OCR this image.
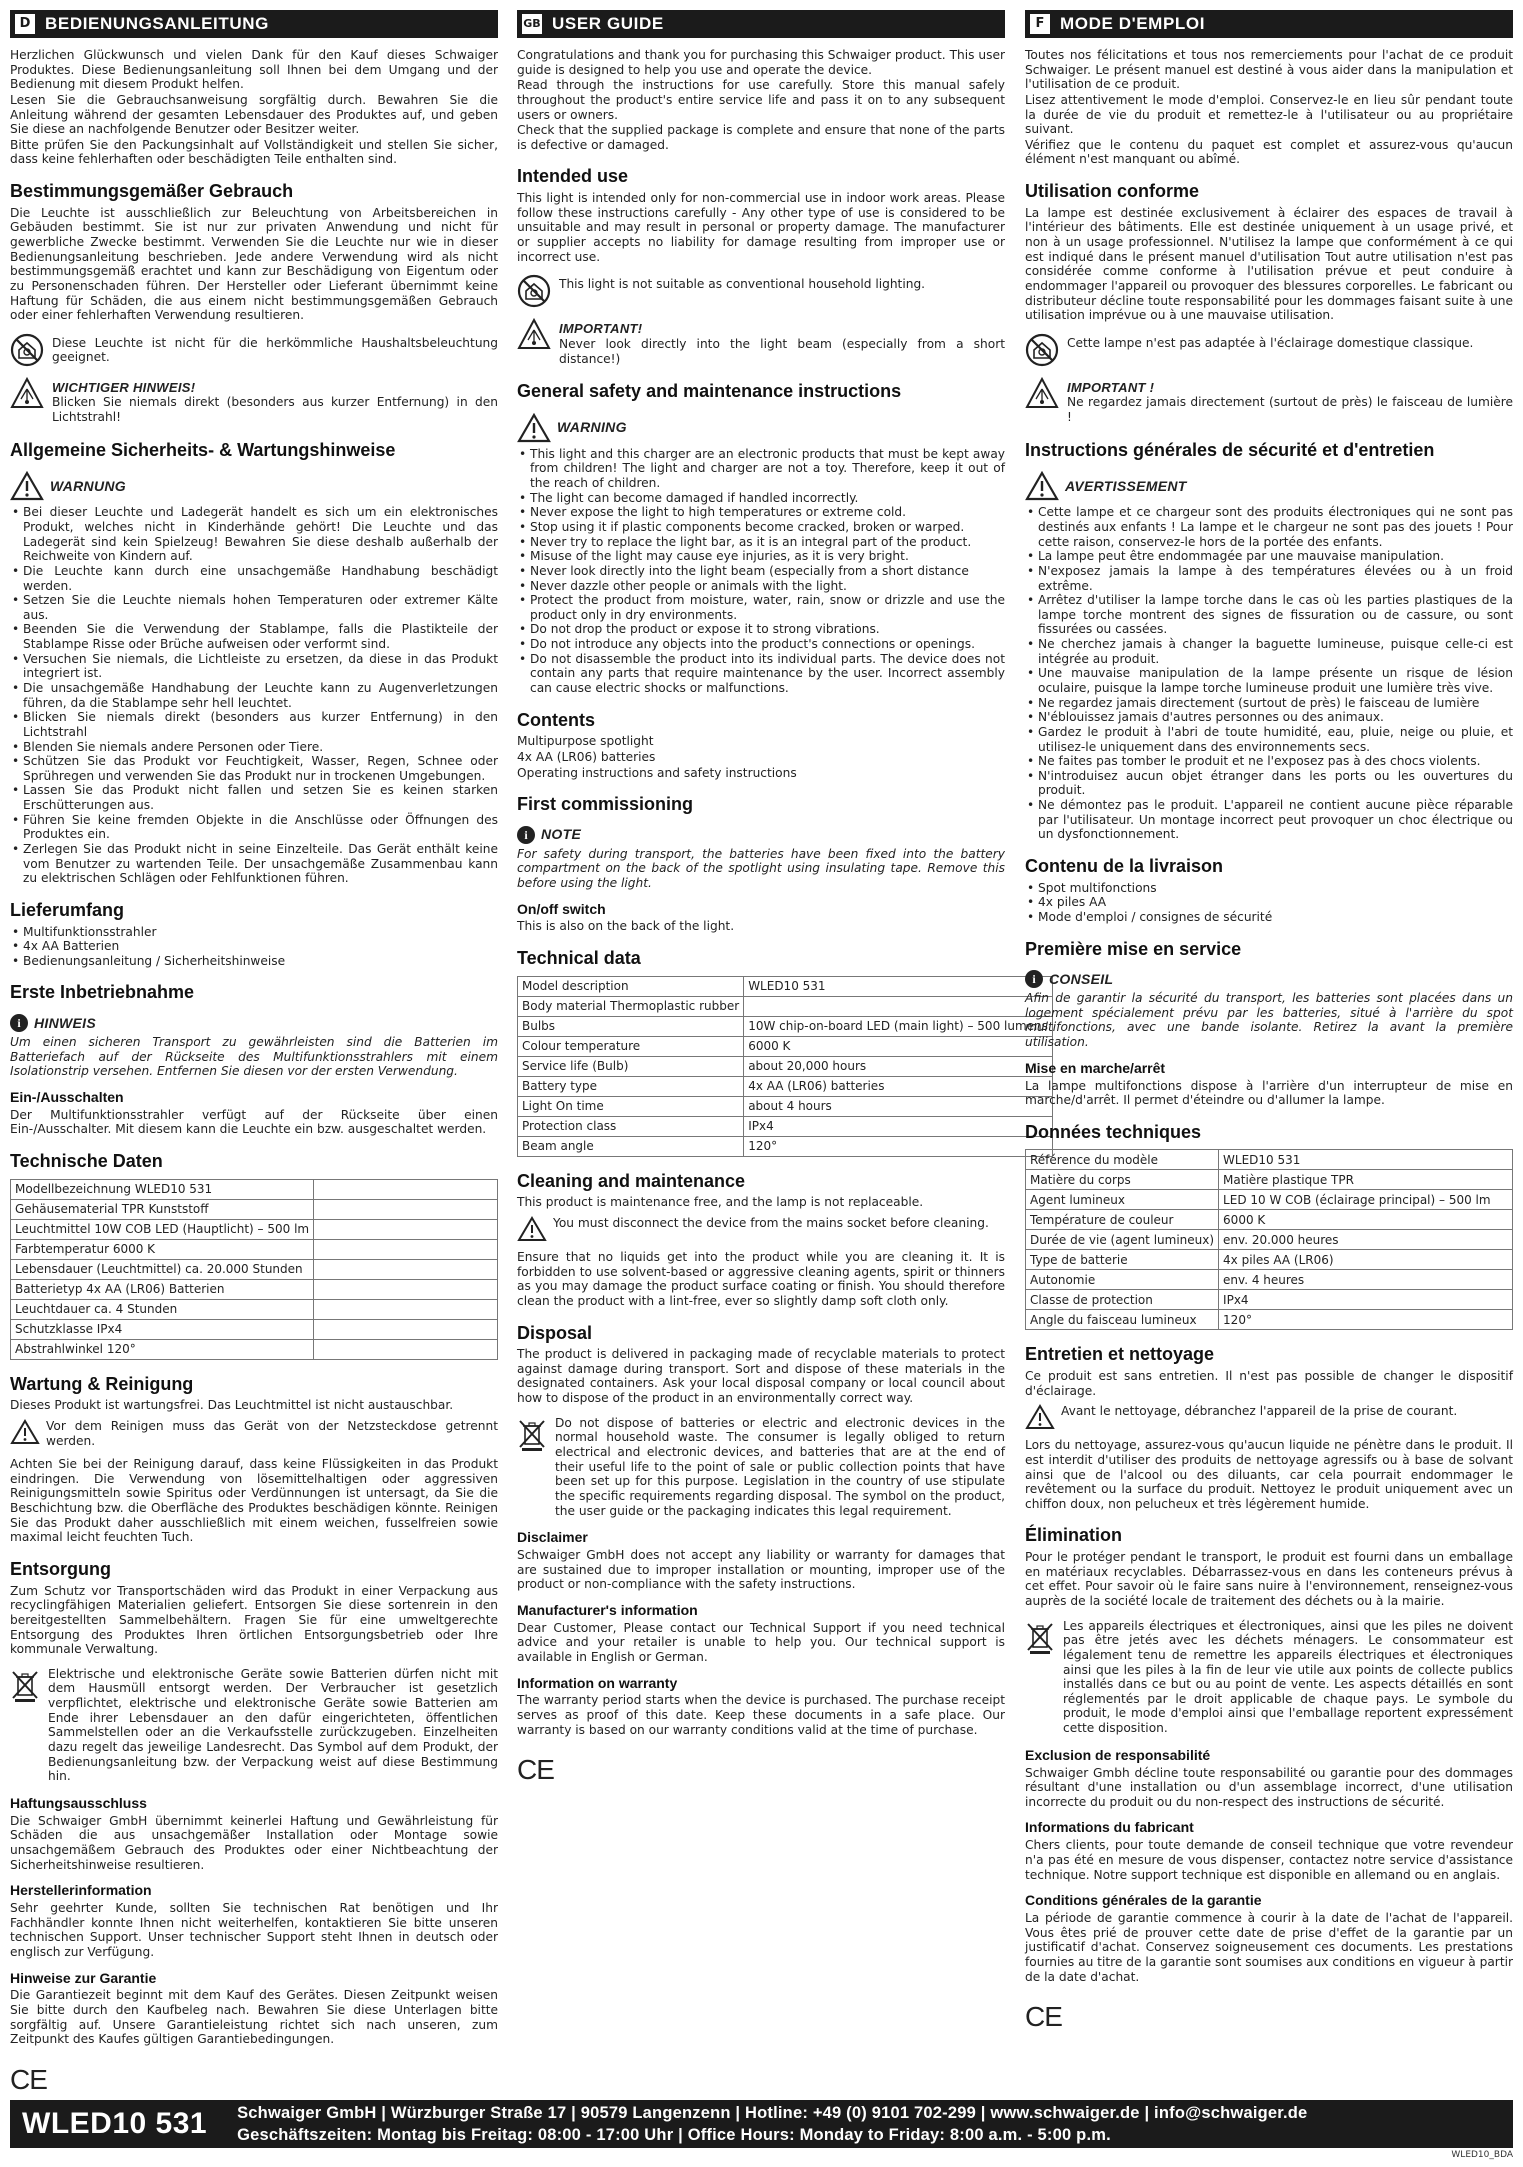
D BEDIENUNGSANLEITUNG

Herzlichen Glückwunsch und vielen Dank für den Kauf dieses Schwaiger Produktes. Diese Bedienungsanleitung soll Ihnen bei dem Umgang und der Bedienung mit diesem Produkt helfen.

Lesen Sie die Gebrauchsanweisung sorgfältig durch. Bewahren Sie die Anleitung während der gesamten Lebensdauer des Produktes auf, und geben Sie diese an nachfolgende Benutzer oder Besitzer weiter.

Bitte prüfen Sie den Packungsinhalt auf Vollständigkeit und stellen Sie sicher, dass keine fehlerhaften oder beschädigten Teile enthalten sind.

Bestimmungsgemäßer Gebrauch

Die Leuchte ist ausschließlich zur Beleuchtung von Arbeitsbereichen in Gebäuden bestimmt. Sie ist nur zur privaten Anwendung und nicht für gewerbliche Zwecke bestimmt. Verwenden Sie die Leuchte nur wie in dieser Bedienungsanleitung beschrieben. Jede andere Verwendung wird als nicht bestimmungsgemäß erachtet und kann zur Beschädigung von Eigentum oder zu Personenschaden führen. Der Hersteller oder Lieferant übernimmt keine Haftung für Schäden, die aus einem nicht bestimmungsgemäßen Gebrauch oder einer fehlerhaften Verwendung resultieren.

Diese Leuchte ist nicht für die herkömmliche Haushaltsbeleuchtung geeignet.

WICHTIGER HINWEIS!

Blicken Sie niemals direkt (besonders aus kurzer Entfernung) in den Lichtstrahl!

Allgemeine Sicherheits- & Wartungshinweise
WARNUNG
• Bei dieser Leuchte und Ladegerät handelt es sich um ein elektronisches Produkt, welches nicht in Kinderhände gehört! Die Leuchte und das Ladegerät sind kein Spielzeug! Bewahren Sie diese deshalb außerhalb der Reichweite von Kindern auf.
• Die Leuchte kann durch eine unsachgemäße Handhabung beschädigt werden.
• Setzen Sie die Leuchte niemals hohen Temperaturen oder extremer Kälte aus.
• Beenden Sie die Verwendung der Stablampe, falls die Plastikteile der Stablampe Risse oder Brüche aufweisen oder verformt sind.
• Versuchen Sie niemals, die Lichtleiste zu ersetzen, da diese in das Produkt integriert ist.
• Die unsachgemäße Handhabung der Leuchte kann zu Augenverletzungen führen, da die Stablampe sehr hell leuchtet.
• Blicken Sie niemals direkt (besonders aus kurzer Entfernung) in den Lichtstrahl
• Blenden Sie niemals andere Personen oder Tiere.
• Schützen Sie das Produkt vor Feuchtigkeit, Wasser, Regen, Schnee oder Sprühregen und verwenden Sie das Produkt nur in trockenen Umgebungen.
• Lassen Sie das Produkt nicht fallen und setzen Sie es keinen starken Erschütterungen aus.
• Führen Sie keine fremden Objekte in die Anschlüsse oder Öffnungen des Produktes ein.
• Zerlegen Sie das Produkt nicht in seine Einzelteile. Das Gerät enthält keine vom Benutzer zu wartenden Teile. Der unsachgemäße Zusammenbau kann zu elektrischen Schlägen oder Fehlfunktionen führen.
Lieferumfang
• Multifunktionsstrahler
• 4x AA Batterien
• Bedienungsanleitung / Sicherheitshinweise
Erste Inbetriebnahme
i HINWEIS

Um einen sicheren Transport zu gewährleisten sind die Batterien im Batteriefach auf der Rückseite des Multifunktionsstrahlers mit einem Isolationstrip versehen. Entfernen Sie diesen vor der ersten Verwendung.

Ein-/Ausschalten

Der Multifunktionsstrahler verfügt auf der Rückseite über einen Ein-/Ausschalter. Mit diesem kann die Leuchte ein bzw. ausgeschaltet werden.

Technische Daten
Modellbezeichnung WLED10 531	
Gehäusematerial TPR Kunststoff	
Leuchtmittel 10W COB LED (Hauptlicht) – 500 lm	
Farbtemperatur 6000 K	
Lebensdauer (Leuchtmittel) ca. 20.000 Stunden	
Batterietyp 4x AA (LR06) Batterien	
Leuchtdauer ca. 4 Stunden	
Schutzklasse IPx4	
Abstrahlwinkel 120°	
Wartung & Reinigung

Dieses Produkt ist wartungsfrei. Das Leuchtmittel ist nicht austauschbar.

Vor dem Reinigen muss das Gerät von der Netzsteckdose getrennt werden.

Achten Sie bei der Reinigung darauf, dass keine Flüssigkeiten in das Produkt eindringen. Die Verwendung von lösemittelhaltigen oder aggressiven Reinigungsmitteln sowie Spiritus oder Verdünnungen ist untersagt, da Sie die Beschichtung bzw. die Oberfläche des Produktes beschädigen könnte. Reinigen Sie das Produkt daher ausschließlich mit einem weichen, fusselfreien sowie maximal leicht feuchten Tuch.

Entsorgung

Zum Schutz vor Transportschäden wird das Produkt in einer Verpackung aus recyclingfähigen Materialien geliefert. Entsorgen Sie diese sortenrein in den bereitgestellten Sammelbehältern. Fragen Sie für eine umweltgerechte Entsorgung des Produktes Ihren örtlichen Entsorgungsbetrieb oder Ihre kommunale Verwaltung.

Elektrische und elektronische Geräte sowie Batterien dürfen nicht mit dem Hausmüll entsorgt werden. Der Verbraucher ist gesetzlich verpflichtet, elektrische und elektronische Geräte sowie Batterien am Ende ihrer Lebensdauer an den dafür eingerichteten, öffentlichen Sammelstellen oder an die Verkaufsstelle zurückzugeben. Einzelheiten dazu regelt das jeweilige Landesrecht. Das Symbol auf dem Produkt, der Bedienungsanleitung bzw. der Verpackung weist auf diese Bestimmung hin.

Haftungsausschluss

Die Schwaiger GmbH übernimmt keinerlei Haftung und Gewährleistung für Schäden die aus unsachgemäßer Installation oder Montage sowie unsachgemäßem Gebrauch des Produktes oder einer Nichtbeachtung der Sicherheitshinweise resultieren.

Herstellerinformation

Sehr geehrter Kunde, sollten Sie technischen Rat benötigen und Ihr Fachhändler konnte Ihnen nicht weiterhelfen, kontaktieren Sie bitte unseren technischen Support. Unser technischer Support steht Ihnen in deutsch oder englisch zur Verfügung.

Hinweise zur Garantie

Die Garantiezeit beginnt mit dem Kauf des Gerätes. Diesen Zeitpunkt weisen Sie bitte durch den Kaufbeleg nach. Bewahren Sie diese Unterlagen bitte sorgfältig auf. Unsere Garantieleistung richtet sich nach unseren, zum Zeitpunkt des Kaufes gültigen Garantiebedingungen.

CE
GB USER GUIDE

Congratulations and thank you for purchasing this Schwaiger product. This user guide is designed to help you use and operate the device.

Read through the instructions for use carefully. Store this manual safely throughout the product's entire service life and pass it on to any subsequent users or owners.

Check that the supplied package is complete and ensure that none of the parts is defective or damaged.

Intended use

This light is intended only for non-commercial use in indoor work areas. Please follow these instructions carefully - Any other type of use is considered to be unsuitable and may result in personal or property damage. The manufacturer or supplier accepts no liability for damage resulting from improper use or incorrect use.

This light is not suitable as conventional household lighting.

IMPORTANT!

Never look directly into the light beam (especially from a short distance!)

General safety and maintenance instructions
WARNING
• This light and this charger are an electronic products that must be kept away from children! The light and charger are not a toy. Therefore, keep it out of the reach of children.
• The light can become damaged if handled incorrectly.
• Never expose the light to high temperatures or extreme cold.
• Stop using it if plastic components become cracked, broken or warped.
• Never try to replace the light bar, as it is an integral part of the product.
• Misuse of the light may cause eye injuries, as it is very bright.
• Never look directly into the light beam (especially from a short distance
• Never dazzle other people or animals with the light.
• Protect the product from moisture, water, rain, snow or drizzle and use the product only in dry environments.
• Do not drop the product or expose it to strong vibrations.
• Do not introduce any objects into the product's connections or openings.
• Do not disassemble the product into its individual parts. The device does not contain any parts that require maintenance by the user. Incorrect assembly can cause electric shocks or malfunctions.
Contents

Multipurpose spotlight

4x AA (LR06) batteries

Operating instructions and safety instructions

First commissioning
i NOTE

For safety during transport, the batteries have been fixed into the battery compartment on the back of the spotlight using insulating tape. Remove this before using the light.

On/off switch

This is also on the back of the light.

Technical data
Model description	WLED10 531
Body material Thermoplastic rubber	
Bulbs	10W chip-on-board LED (main light) – 500 lumens
Colour temperature	6000 K
Service life (Bulb)	about 20,000 hours
Battery type	4x AA (LR06) batteries
Light On time	about 4 hours
Protection class	IPx4
Beam angle	120°
Cleaning and maintenance

This product is maintenance free, and the lamp is not replaceable.

You must disconnect the device from the mains socket before cleaning.

Ensure that no liquids get into the product while you are cleaning it. It is forbidden to use solvent-based or aggressive cleaning agents, spirit or thinners as you may damage the product surface coating or finish. You should therefore clean the product with a lint-free, ever so slightly damp soft cloth only.

Disposal

The product is delivered in packaging made of recyclable materials to protect against damage during transport. Sort and dispose of these materials in the designated containers. Ask your local disposal company or local council about how to dispose of the product in an environmentally correct way.

Do not dispose of batteries or electric and electronic devices in the normal household waste. The consumer is legally obliged to return electrical and electronic devices, and batteries that are at the end of their useful life to the point of sale or public collection points that have been set up for this purpose. Legislation in the country of use stipulate the specific requirements regarding disposal. The symbol on the product, the user guide or the packaging indicates this legal requirement.

Disclaimer

Schwaiger GmbH does not accept any liability or warranty for damages that are sustained due to improper installation or mounting, improper use of the product or non-compliance with the safety instructions.

Manufacturer's information

Dear Customer, Please contact our Technical Support if you need technical advice and your retailer is unable to help you. Our technical support is available in English or German.

Information on warranty

The warranty period starts when the device is purchased. The purchase receipt serves as proof of this date. Keep these documents in a safe place. Our warranty is based on our warranty conditions valid at the time of purchase.

CE
F MODE D'EMPLOI

Toutes nos félicitations et tous nos remerciements pour l'achat de ce produit Schwaiger. Le présent manuel est destiné à vous aider dans la manipulation et l'utilisation de ce produit.

Lisez attentivement le mode d'emploi. Conservez-le en lieu sûr pendant toute la durée de vie du produit et remettez-le à l'utilisateur ou au propriétaire suivant.

Vérifiez que le contenu du paquet est complet et assurez-vous qu'aucun élément n'est manquant ou abîmé.

Utilisation conforme

La lampe est destinée exclusivement à éclairer des espaces de travail à l'intérieur des bâtiments. Elle est destinée uniquement à un usage privé, et non à un usage professionnel. N'utilisez la lampe que conformément à ce qui est indiqué dans le présent manuel d'utilisation Tout autre utilisation n'est pas considérée comme conforme à l'utilisation prévue et peut conduire à endommager l'appareil ou provoquer des blessures corporelles. Le fabricant ou distributeur décline toute responsabilité pour les dommages faisant suite à une utilisation imprévue ou à une mauvaise utilisation.

Cette lampe n'est pas adaptée à l'éclairage domestique classique.

IMPORTANT !

Ne regardez jamais directement (surtout de près) le faisceau de lumière !

Instructions générales de sécurité et d'entretien
AVERTISSEMENT
• Cette lampe et ce chargeur sont des produits électroniques qui ne sont pas destinés aux enfants ! La lampe et le chargeur ne sont pas des jouets ! Pour cette raison, conservez-le hors de la portée des enfants.
• La lampe peut être endommagée par une mauvaise manipulation.
• N'exposez jamais la lampe à des températures élevées ou à un froid extrême.
• Arrêtez d'utiliser la lampe torche dans le cas où les parties plastiques de la lampe torche montrent des signes de fissuration ou de cassure, ou sont fissurées ou cassées.
• Ne cherchez jamais à changer la baguette lumineuse, puisque celle-ci est intégrée au produit.
• Une mauvaise manipulation de la lampe présente un risque de lésion oculaire, puisque la lampe torche lumineuse produit une lumière très vive.
• Ne regardez jamais directement (surtout de près) le faisceau de lumière
• N'éblouissez jamais d'autres personnes ou des animaux.
• Gardez le produit à l'abri de toute humidité, eau, pluie, neige ou pluie, et utilisez-le uniquement dans des environnements secs.
• Ne faites pas tomber le produit et ne l'exposez pas à des chocs violents.
• N'introduisez aucun objet étranger dans les ports ou les ouvertures du produit.
• Ne démontez pas le produit. L'appareil ne contient aucune pièce réparable par l'utilisateur. Un montage incorrect peut provoquer un choc électrique ou un dysfonctionnement.
Contenu de la livraison
• Spot multifonctions
• 4x piles AA
• Mode d'emploi / consignes de sécurité
Première mise en service
i CONSEIL

Afin de garantir la sécurité du transport, les batteries sont placées dans un logement spécialement prévu par les batteries, situé à l'arrière du spot multifonctions, avec une bande isolante. Retirez la avant la première utilisation.

Mise en marche/arrêt

La lampe multifonctions dispose à l'arrière d'un interrupteur de mise en marche/d'arrêt. Il permet d'éteindre ou d'allumer la lampe.

Données techniques
Référence du modèle	WLED10 531
Matière du corps	Matière plastique TPR
Agent lumineux	LED 10 W COB (éclairage principal) – 500 lm
Température de couleur	6000 K
Durée de vie (agent lumineux)	env. 20.000 heures
Type de batterie	4x piles AA (LR06)
Autonomie	env. 4 heures
Classe de protection	IPx4
Angle du faisceau lumineux	120°
Entretien et nettoyage

Ce produit est sans entretien. Il n'est pas possible de changer le dispositif d'éclairage.

Avant le nettoyage, débranchez l'appareil de la prise de courant.

Lors du nettoyage, assurez-vous qu'aucun liquide ne pénètre dans le produit. Il est interdit d'utiliser des produits de nettoyage agressifs ou à base de solvant ainsi que de l'alcool ou des diluants, car cela pourrait endommager le revêtement ou la surface du produit. Nettoyez le produit uniquement avec un chiffon doux, non pelucheux et très légèrement humide.

Élimination

Pour le protéger pendant le transport, le produit est fourni dans un emballage en matériaux recyclables. Débarrassez-vous en dans les conteneurs prévus à cet effet. Pour savoir où le faire sans nuire à l'environnement, renseignez-vous auprès de la société locale de traitement des déchets ou à la mairie.

Les appareils électriques et électroniques, ainsi que les piles ne doivent pas être jetés avec les déchets ménagers. Le consommateur est légalement tenu de remettre les appareils électriques et électroniques ainsi que les piles à la fin de leur vie utile aux points de collecte publics installés dans ce but ou au point de vente. Les aspects détaillés en sont réglementés par le droit applicable de chaque pays. Le symbole du produit, le mode d'emploi ainsi que l'emballage reportent expressément cette disposition.

Exclusion de responsabilité

Schwaiger Gmbh décline toute responsabilité ou garantie pour des dommages résultant d'une installation ou d'un assemblage incorrect, d'une utilisation incorrecte du produit ou du non-respect des instructions de sécurité.

Informations du fabricant

Chers clients, pour toute demande de conseil technique que votre revendeur n'a pas été en mesure de vous dispenser, contactez notre service d'assistance technique. Notre support technique est disponible en allemand ou en anglais.

Conditions générales de la garantie

La période de garantie commence à courir à la date de l'achat de l'appareil. Vous êtes prié de prouver cette date de prise d'effet de la garantie par un justificatif d'achat. Conservez soigneusement ces documents. Les prestations fournies au titre de la garantie sont soumises aux conditions en vigueur à partir de la date d'achat.

CE
WLED10 531 Schwaiger GmbH | Würzburger Straße 17 | 90579 Langenzenn | Hotline: +49 (0) 9101 702-299 | www.schwaiger.de | info@schwaiger.de
Geschäftszeiten: Montag bis Freitag: 08:00 - 17:00 Uhr | Office Hours: Monday to Friday: 8:00 a.m. - 5:00 p.m.
WLED10_BDA
